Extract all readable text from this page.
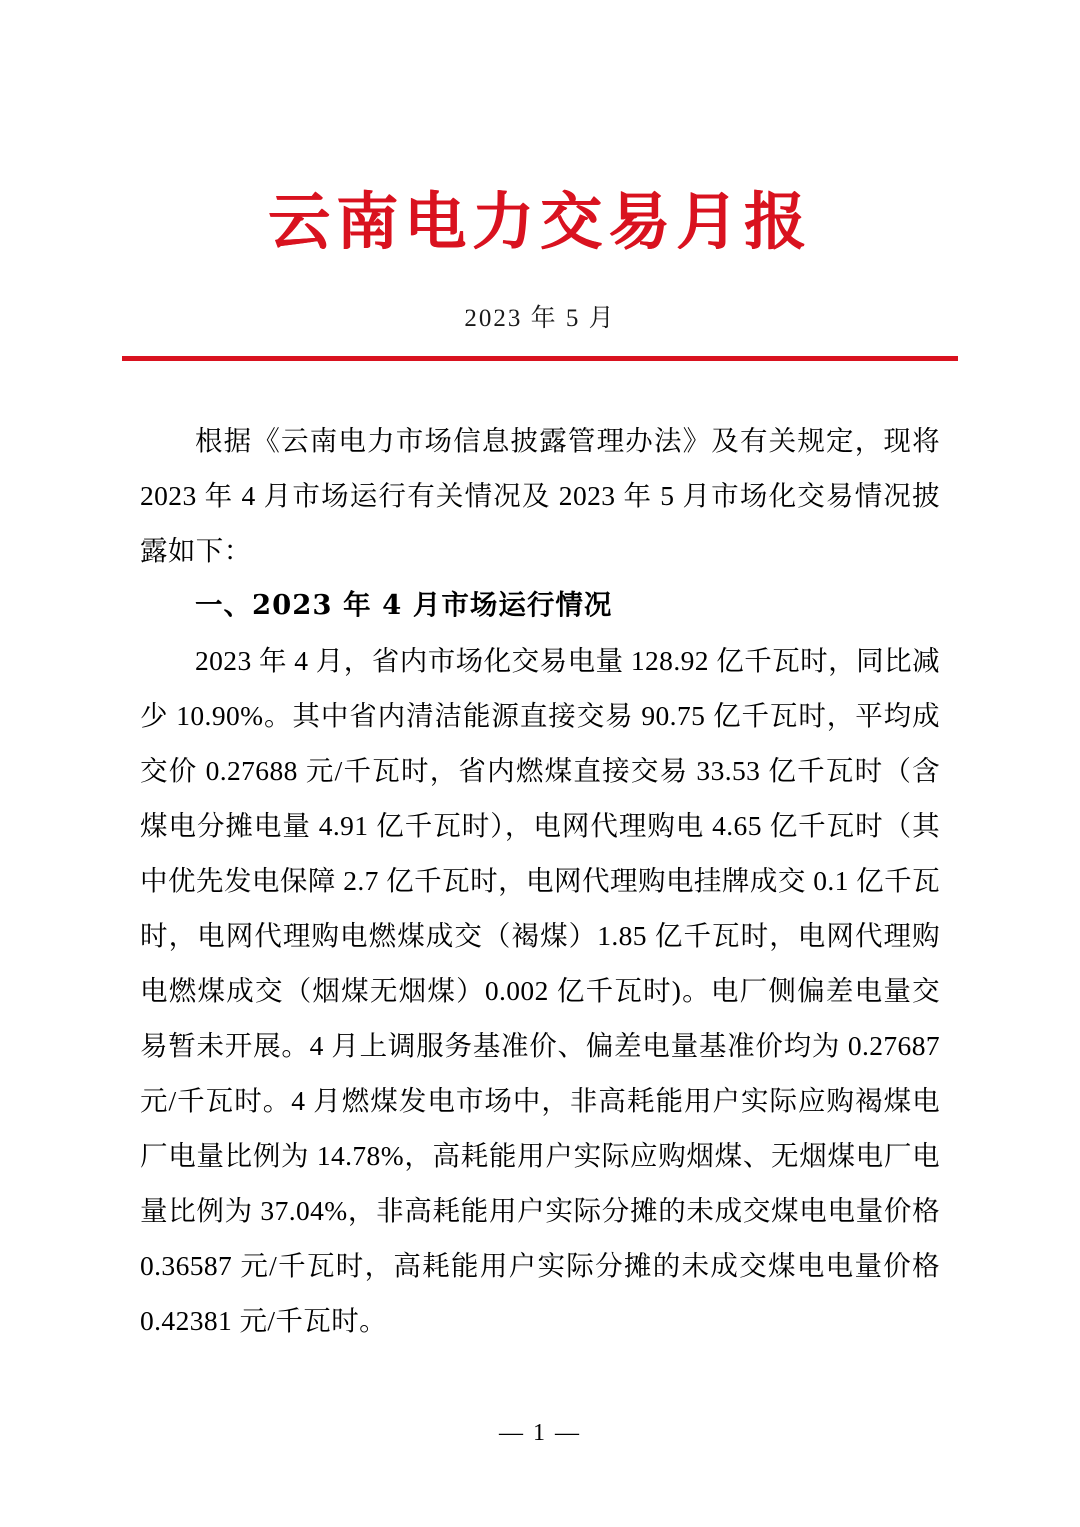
云南电力交易月报
2023 年 5 月

根据《云南电力市场信息披露管理办法》及有关规定，现将 2023 年 4 月市场运行有关情况及 2023 年 5 月市场化交易情况披露如下：

一、2023 年 4 月市场运行情况

2023 年 4 月，省内市场化交易电量 128.92 亿千瓦时，同比减少 10.90%。其中省内清洁能源直接交易 90.75 亿千瓦时，平均成交价 0.27688 元/千瓦时，省内燃煤直接交易 33.53 亿千瓦时（含煤电分摊电量 4.91 亿千瓦时），电网代理购电 4.65 亿千瓦时（其中优先发电保障 2.7 亿千瓦时，电网代理购电挂牌成交 0.1 亿千瓦时，电网代理购电燃煤成交（褐煤）1.85 亿千瓦时，电网代理购电燃煤成交（烟煤无烟煤）0.002 亿千瓦时)。电厂侧偏差电量交易暂未开展。4 月上调服务基准价、偏差电量基准价均为 0.27687 元/千瓦时。4 月燃煤发电市场中，非高耗能用户实际应购褐煤电厂电量比例为 14.78%，高耗能用户实际应购烟煤、无烟煤电厂电量比例为 37.04%，非高耗能用户实际分摊的未成交煤电电量价格 0.36587 元/千瓦时，高耗能用户实际分摊的未成交煤电电量价格 0.42381 元/千瓦时。

— 1 —
